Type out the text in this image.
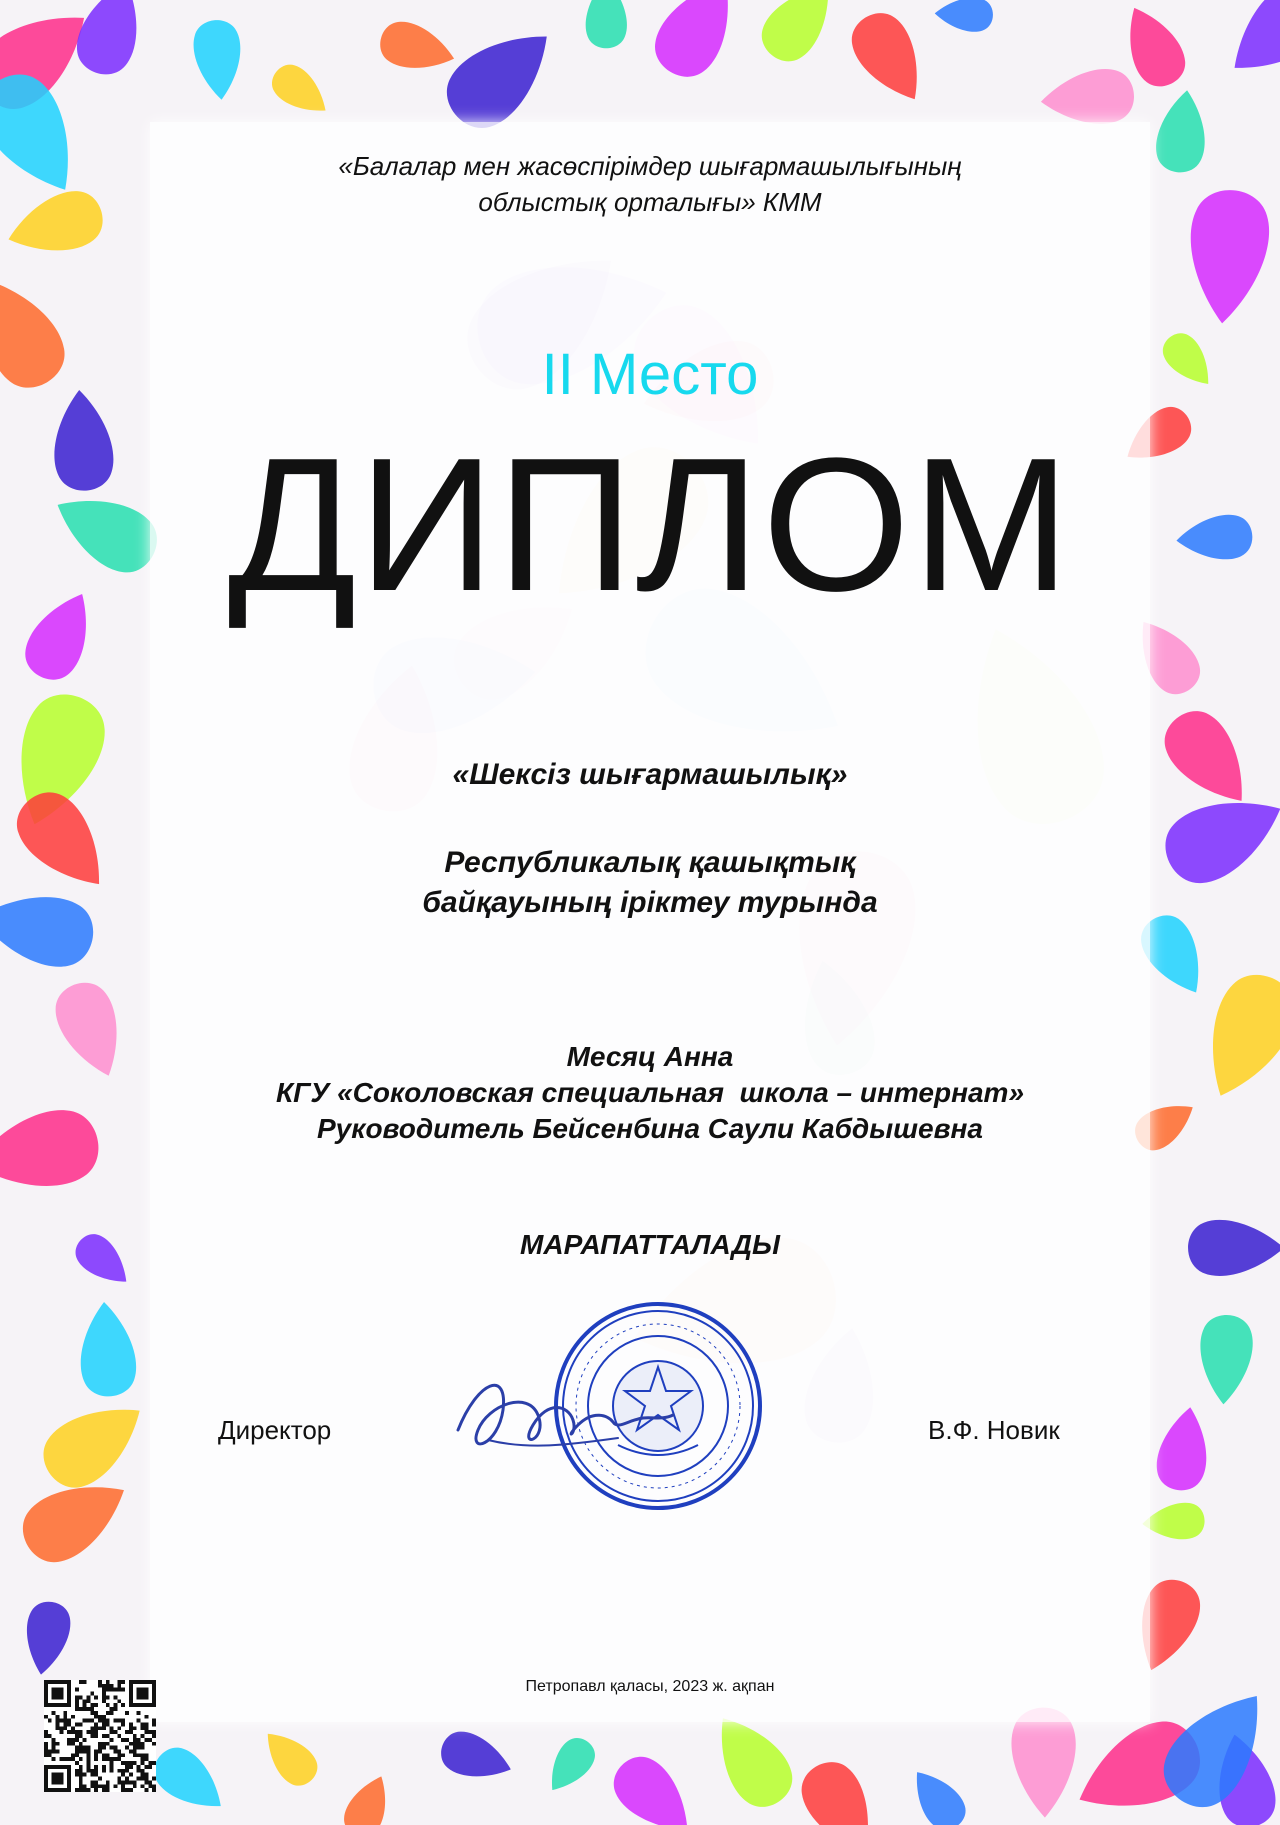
«Балалар мен жасөспірімдер шығармашылығының
облыстық орталығы» КММ
II Место
ДИПЛОМ
«Шексіз шығармашылық»
Республикалық қашықтық
байқауының іріктеу турында
Месяц Анна
КГУ «Соколовская специальная  школа – интернат»
Руководитель Бейсенбина Саули Кабдышевна
МАРАПАТТАЛАДЫ
Директор	В.Ф. Новик
Петропавл қаласы, 2023 ж. ақпан
